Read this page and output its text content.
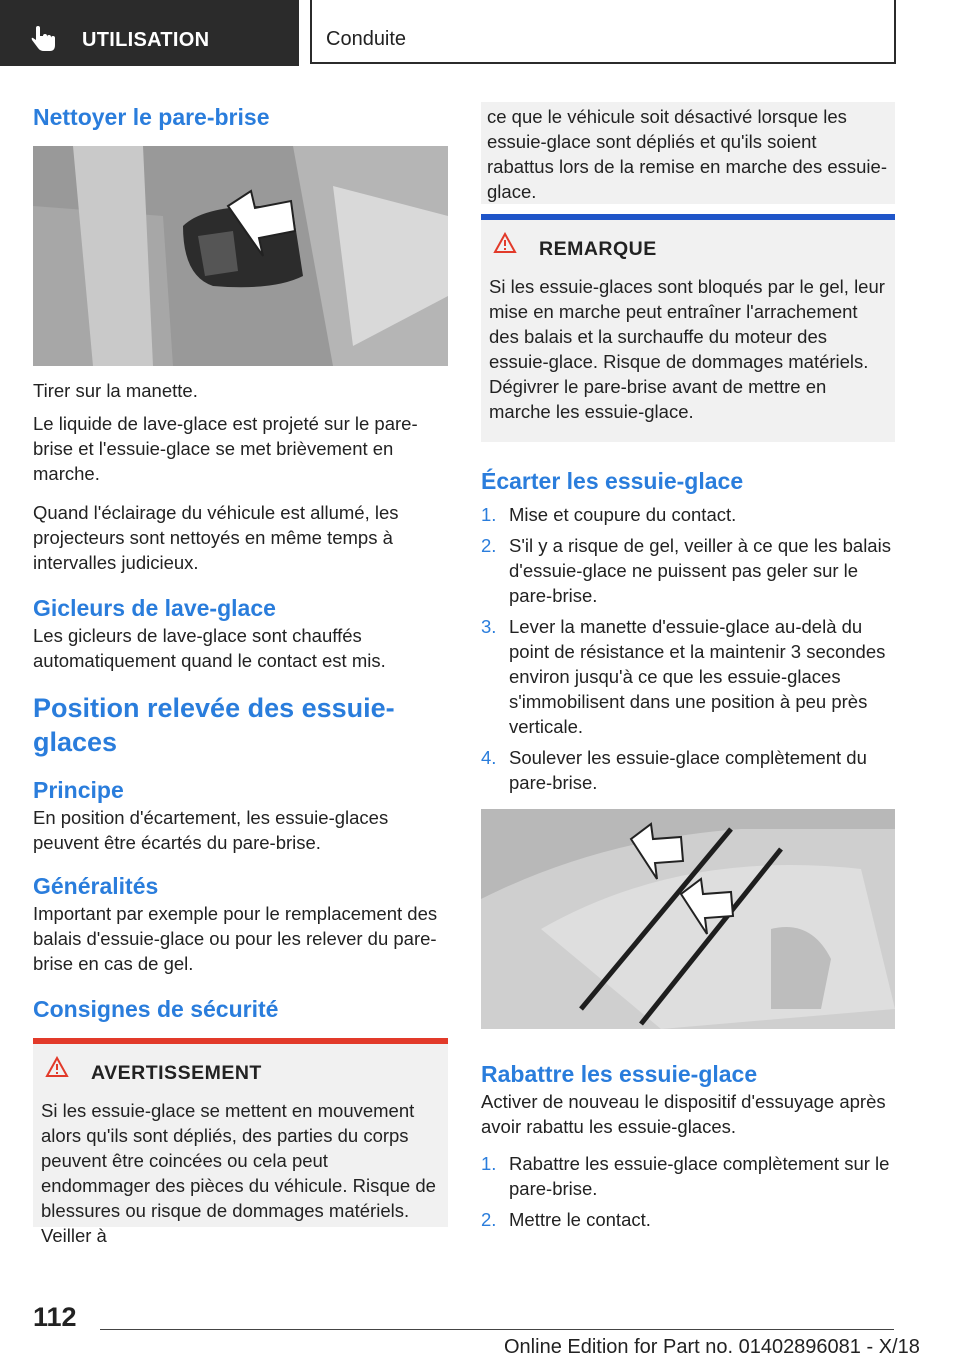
UTILISATION	Conduite
Nettoyer le pare-brise

Tirer sur la manette.

Le liquide de lave-glace est projeté sur le pare-brise et l'essuie-glace se met brièvement en marche.

Quand l'éclairage du véhicule est allumé, les projecteurs sont nettoyés en même temps à intervalles judicieux.

Gicleurs de lave-glace

Les gicleurs de lave-glace sont chauffés automatiquement quand le contact est mis.

Position relevée des essuie-glaces
Principe

En position d'écartement, les essuie-glaces peuvent être écartés du pare-brise.

Généralités

Important par exemple pour le remplacement des balais d'essuie-glace ou pour les relever du pare-brise en cas de gel.

Consignes de sécurité
AVERTISSEMENT
Si les essuie-glace se mettent en mouvement alors qu'ils sont dépliés, des parties du corps peuvent être coincées ou cela peut endommager des pièces du véhicule. Risque de blessures ou risque de dommages matériels. Veiller à
ce que le véhicule soit désactivé lorsque les essuie-glace sont dépliés et qu'ils soient rabattus lors de la remise en marche des essuie-glace.
REMARQUE
Si les essuie-glaces sont bloqués par le gel, leur mise en marche peut entraîner l'arrachement des balais et la surchauffe du moteur des essuie-glace. Risque de dommages matériels. Dégivrer le pare-brise avant de mettre en marche les essuie-glace.
Écarter les essuie-glace
1. Mise et coupure du contact.
2. S'il y a risque de gel, veiller à ce que les balais d'essuie-glace ne puissent pas geler sur le pare-brise.
3. Lever la manette d'essuie-glace au-delà du point de résistance et la maintenir 3 secondes environ jusqu'à ce que les essuie-glaces s'immobilisent dans une position à peu près verticale.
4. Soulever les essuie-glace complètement du pare-brise.
Rabattre les essuie-glace

Activer de nouveau le dispositif d'essuyage après avoir rabattu les essuie-glaces.

1. Rabattre les essuie-glace complètement sur le pare-brise.
2. Mettre le contact.
112
Online Edition for Part no. 01402896081 - X/18
